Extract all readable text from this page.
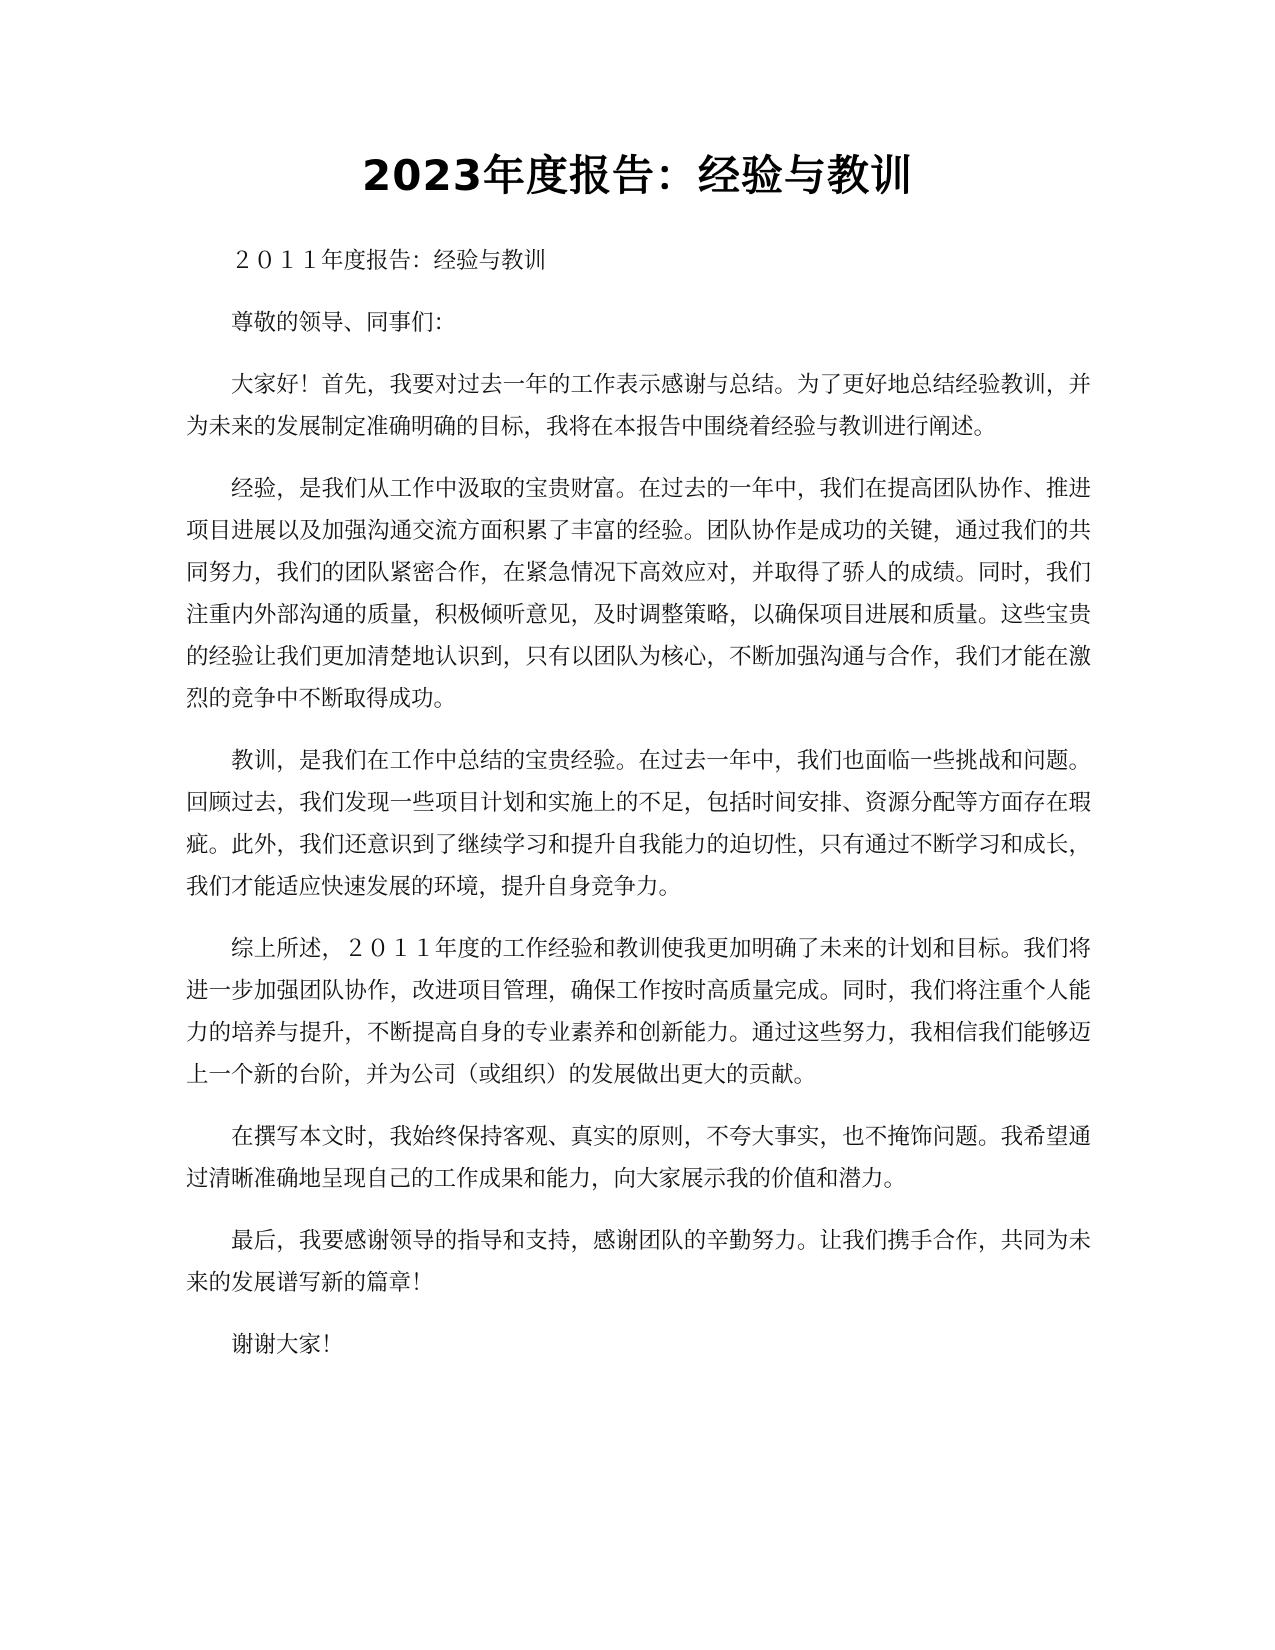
2023年度报告：经验与教训

２０１１年度报告：经验与教训

尊敬的领导、同事们：

大家好！首先，我要对过去一年的工作表示感谢与总结。为了更好地总结经验教训，并为未来的发展制定准确明确的目标，我将在本报告中围绕着经验与教训进行阐述。

经验，是我们从工作中汲取的宝贵财富。在过去的一年中，我们在提高团队协作、推进项目进展以及加强沟通交流方面积累了丰富的经验。团队协作是成功的关键，通过我们的共同努力，我们的团队紧密合作，在紧急情况下高效应对，并取得了骄人的成绩。同时，我们注重内外部沟通的质量，积极倾听意见，及时调整策略，以确保项目进展和质量。这些宝贵的经验让我们更加清楚地认识到，只有以团队为核心，不断加强沟通与合作，我们才能在激烈的竞争中不断取得成功。

教训，是我们在工作中总结的宝贵经验。在过去一年中，我们也面临一些挑战和问题。回顾过去，我们发现一些项目计划和实施上的不足，包括时间安排、资源分配等方面存在瑕疵。此外，我们还意识到了继续学习和提升自我能力的迫切性，只有通过不断学习和成长，我们才能适应快速发展的环境，提升自身竞争力。

综上所述，２０１１年度的工作经验和教训使我更加明确了未来的计划和目标。我们将进一步加强团队协作，改进项目管理，确保工作按时高质量完成。同时，我们将注重个人能力的培养与提升，不断提高自身的专业素养和创新能力。通过这些努力，我相信我们能够迈上一个新的台阶，并为公司（或组织）的发展做出更大的贡献。

在撰写本文时，我始终保持客观、真实的原则，不夸大事实，也不掩饰问题。我希望通过清晰准确地呈现自己的工作成果和能力，向大家展示我的价值和潜力。

最后，我要感谢领导的指导和支持，感谢团队的辛勤努力。让我们携手合作，共同为未来的发展谱写新的篇章！

谢谢大家！
